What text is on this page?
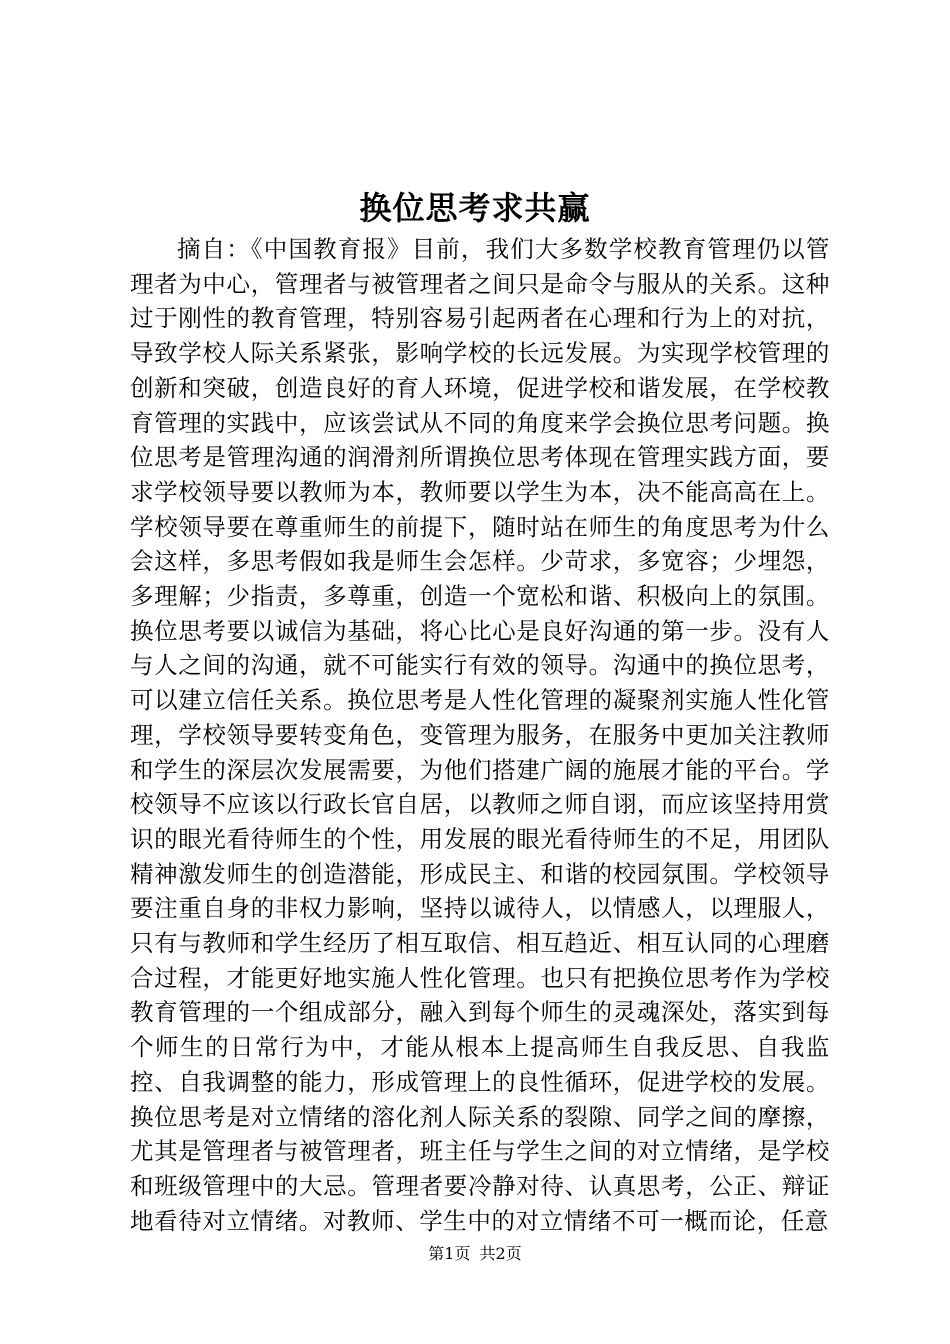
换位思考求共赢

摘自：《中国教育报》目前，我们大多数学校教育管理仍以管理者为中心，管理者与被管理者之间只是命令与服从的关系。这种过于刚性的教育管理，特别容易引起两者在心理和行为上的对抗，导致学校人际关系紧张，影响学校的长远发展。为实现学校管理的创新和突破，创造良好的育人环境，促进学校和谐发展，在学校教育管理的实践中，应该尝试从不同的角度来学会换位思考问题。换位思考是管理沟通的润滑剂所谓换位思考体现在管理实践方面，要求学校领导要以教师为本，教师要以学生为本，决不能高高在上。学校领导要在尊重师生的前提下，随时站在师生的角度思考为什么会这样，多思考假如我是师生会怎样。少苛求，多宽容；少埋怨，多理解；少指责，多尊重，创造一个宽松和谐、积极向上的氛围。换位思考要以诚信为基础，将心比心是良好沟通的第一步。没有人与人之间的沟通，就不可能实行有效的领导。沟通中的换位思考，可以建立信任关系。换位思考是人性化管理的凝聚剂实施人性化管理，学校领导要转变角色，变管理为服务，在服务中更加关注教师和学生的深层次发展需要，为他们搭建广阔的施展才能的平台。学校领导不应该以行政长官自居，以教师之师自诩，而应该坚持用赏识的眼光看待师生的个性，用发展的眼光看待师生的不足，用团队精神激发师生的创造潜能，形成民主、和谐的校园氛围。学校领导要注重自身的非权力影响，坚持以诚待人，以情感人，以理服人，只有与教师和学生经历了相互取信、相互趋近、相互认同的心理磨合过程，才能更好地实施人性化管理。也只有把换位思考作为学校教育管理的一个组成部分，融入到每个师生的灵魂深处，落实到每个师生的日常行为中，才能从根本上提高师生自我反思、自我监控、自我调整的能力，形成管理上的良性循环，促进学校的发展。换位思考是对立情绪的溶化剂人际关系的裂隙、同学之间的摩擦，尤其是管理者与被管理者，班主任与学生之间的对立情绪，是学校和班级管理中的大忌。管理者要冷静对待、认真思考，公正、辩证地看待对立情绪。对教师、学生中的对立情绪不可一概而论，任意

第1页 共2页
